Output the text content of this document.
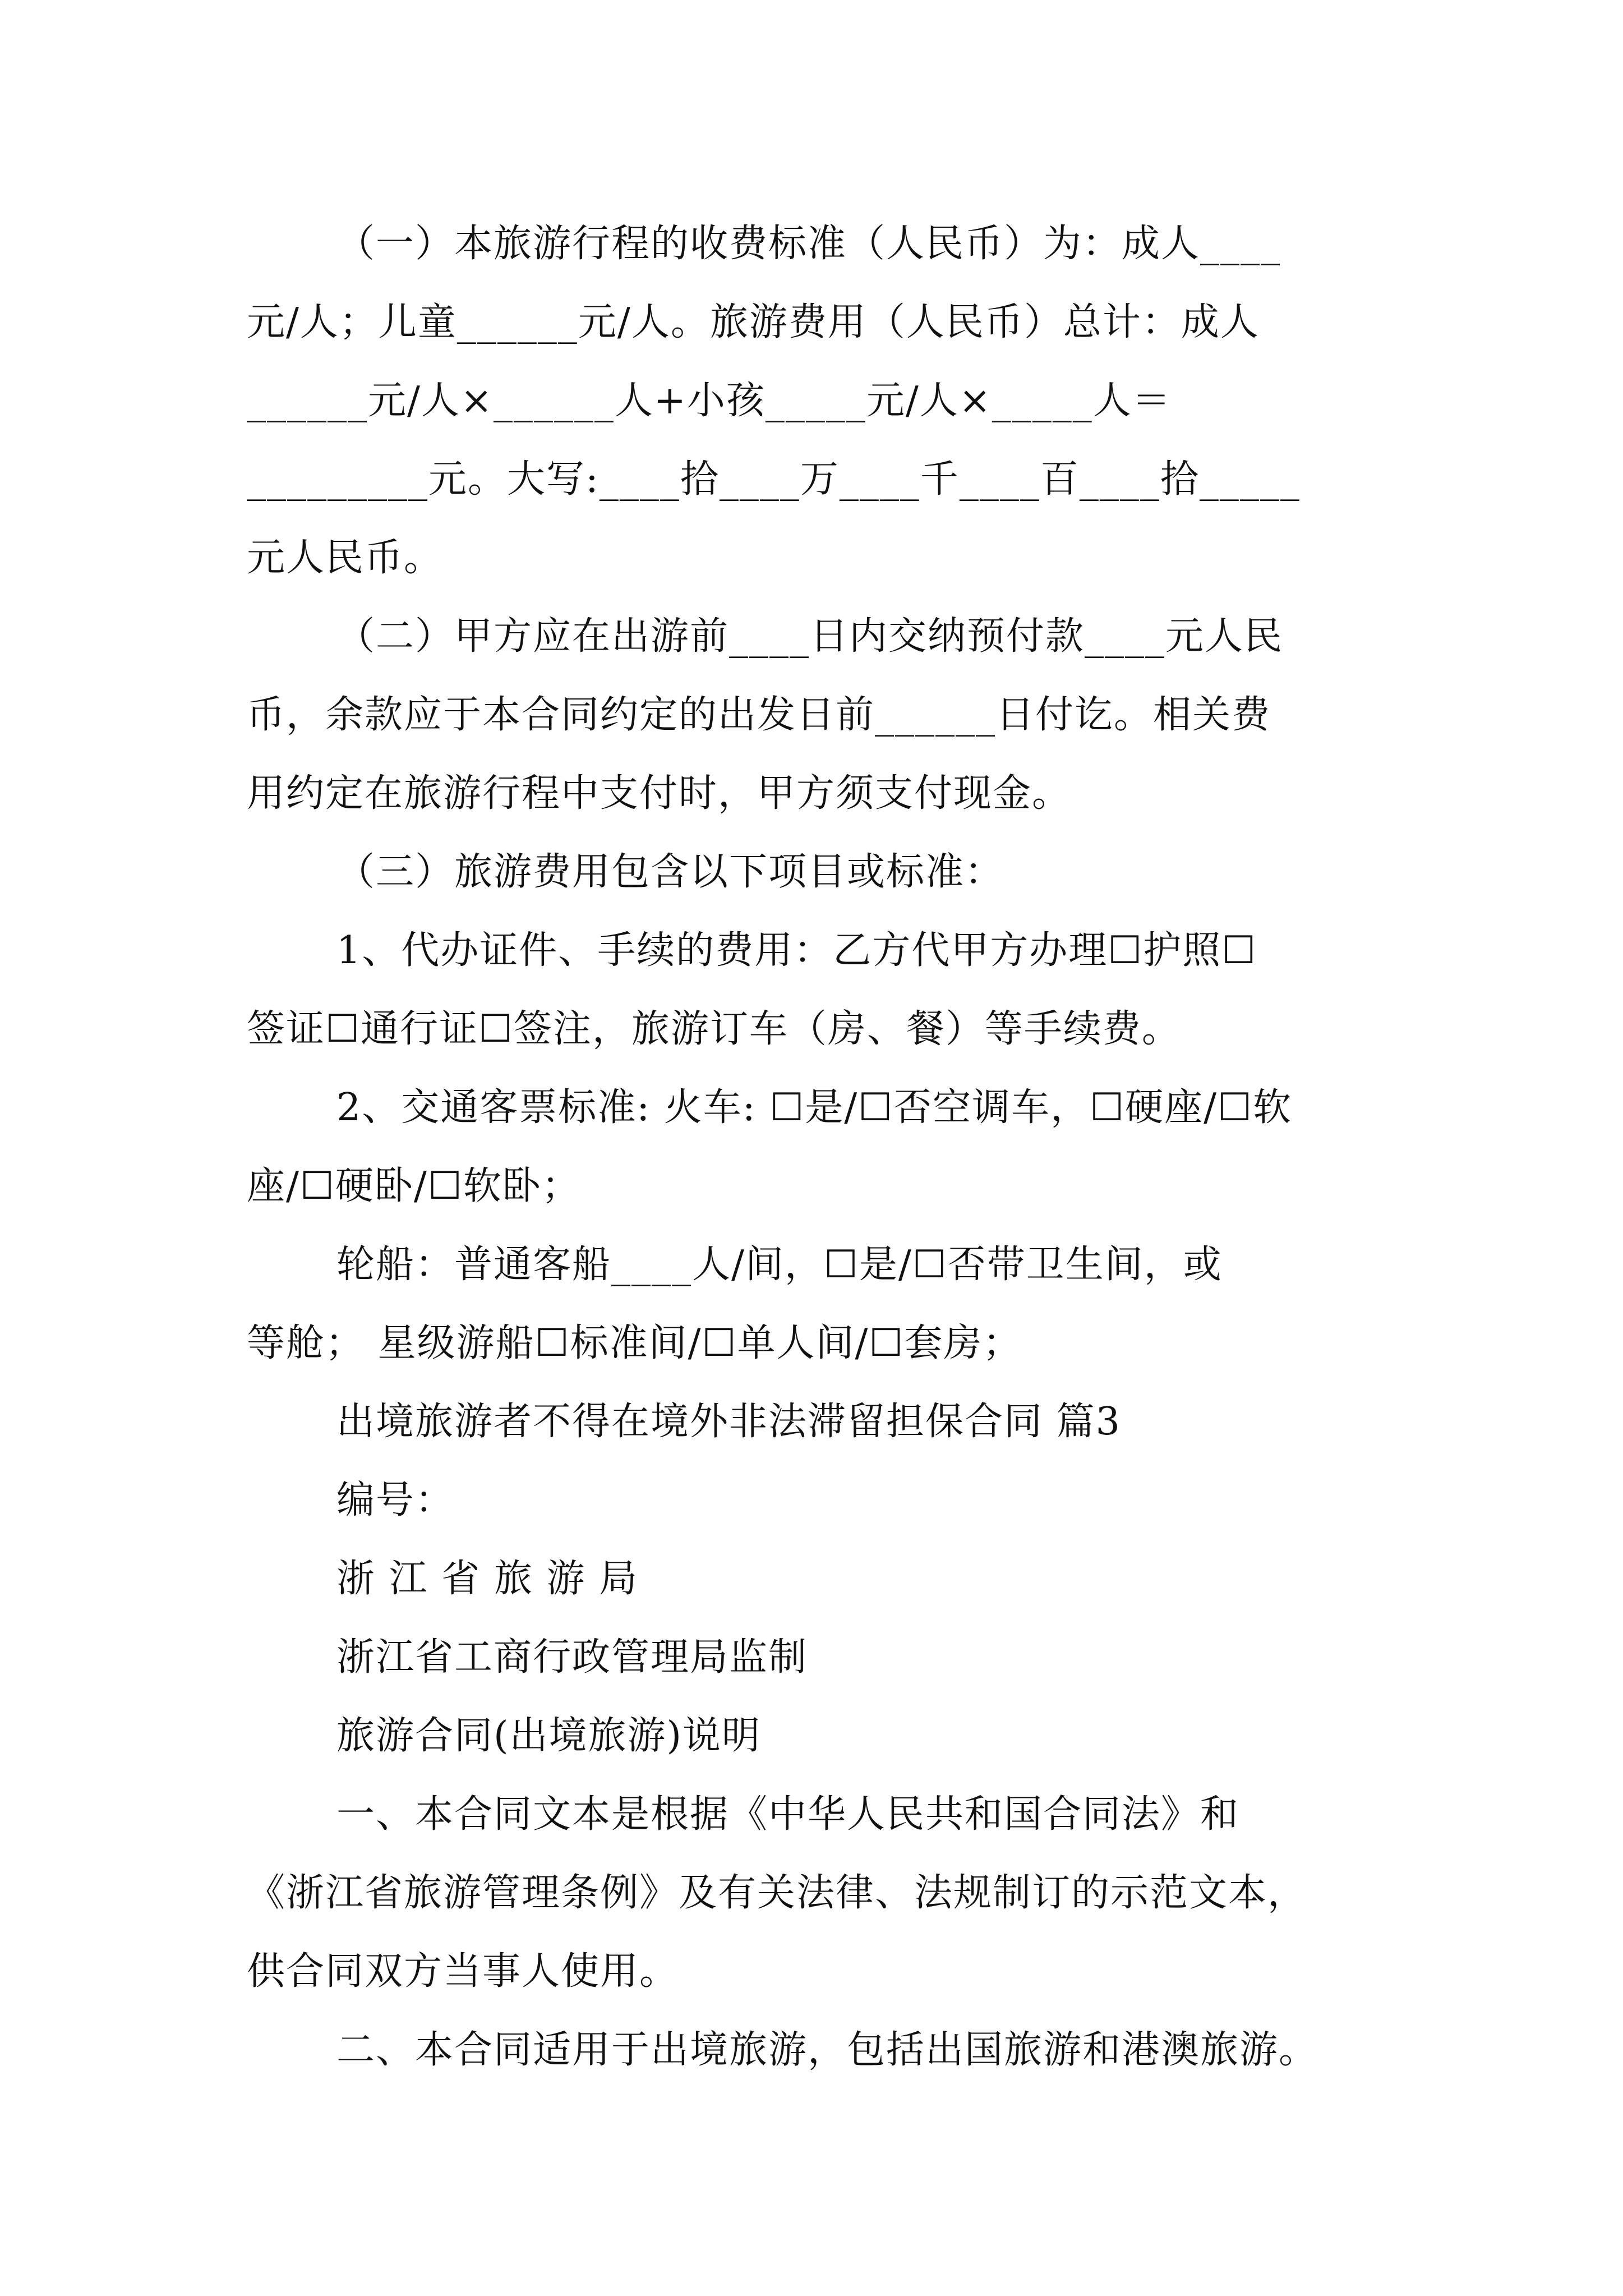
（一）本旅游行程的收费标准（人民币）为：成人____
元/人；儿童______元/人。旅游费用（人民币）总计：成人
______元/人×______人+小孩_____元/人×_____人＝
_________元。大写:____拾____万____千____百____拾_____
元人民币。
（二）甲方应在出游前____日内交纳预付款____元人民
币，余款应于本合同约定的出发日前______日付讫。相关费
用约定在旅游行程中支付时，甲方须支付现金。
（三）旅游费用包含以下项目或标准：
1、代办证件、手续的费用：乙方代甲方办理☐护照☐
签证☐通行证☐签注，旅游订车（房、餐）等手续费。
2、交通客票标准: 火车: ☐是/☐否空调车，☐硬座/☐软
座/☐硬卧/☐软卧；
轮船：普通客船____人/间，☐是/☐否带卫生间，或
等舱； 星级游船☐标准间/☐单人间/☐套房；
出境旅游者不得在境外非法滞留担保合同 篇3
编号：
浙 江 省 旅 游 局
浙江省工商行政管理局监制
旅游合同(出境旅游)说明
一、本合同文本是根据《中华人民共和国合同法》和
《浙江省旅游管理条例》及有关法律、法规制订的示范文本，
供合同双方当事人使用。
二、本合同适用于出境旅游，包括出国旅游和港澳旅游。
